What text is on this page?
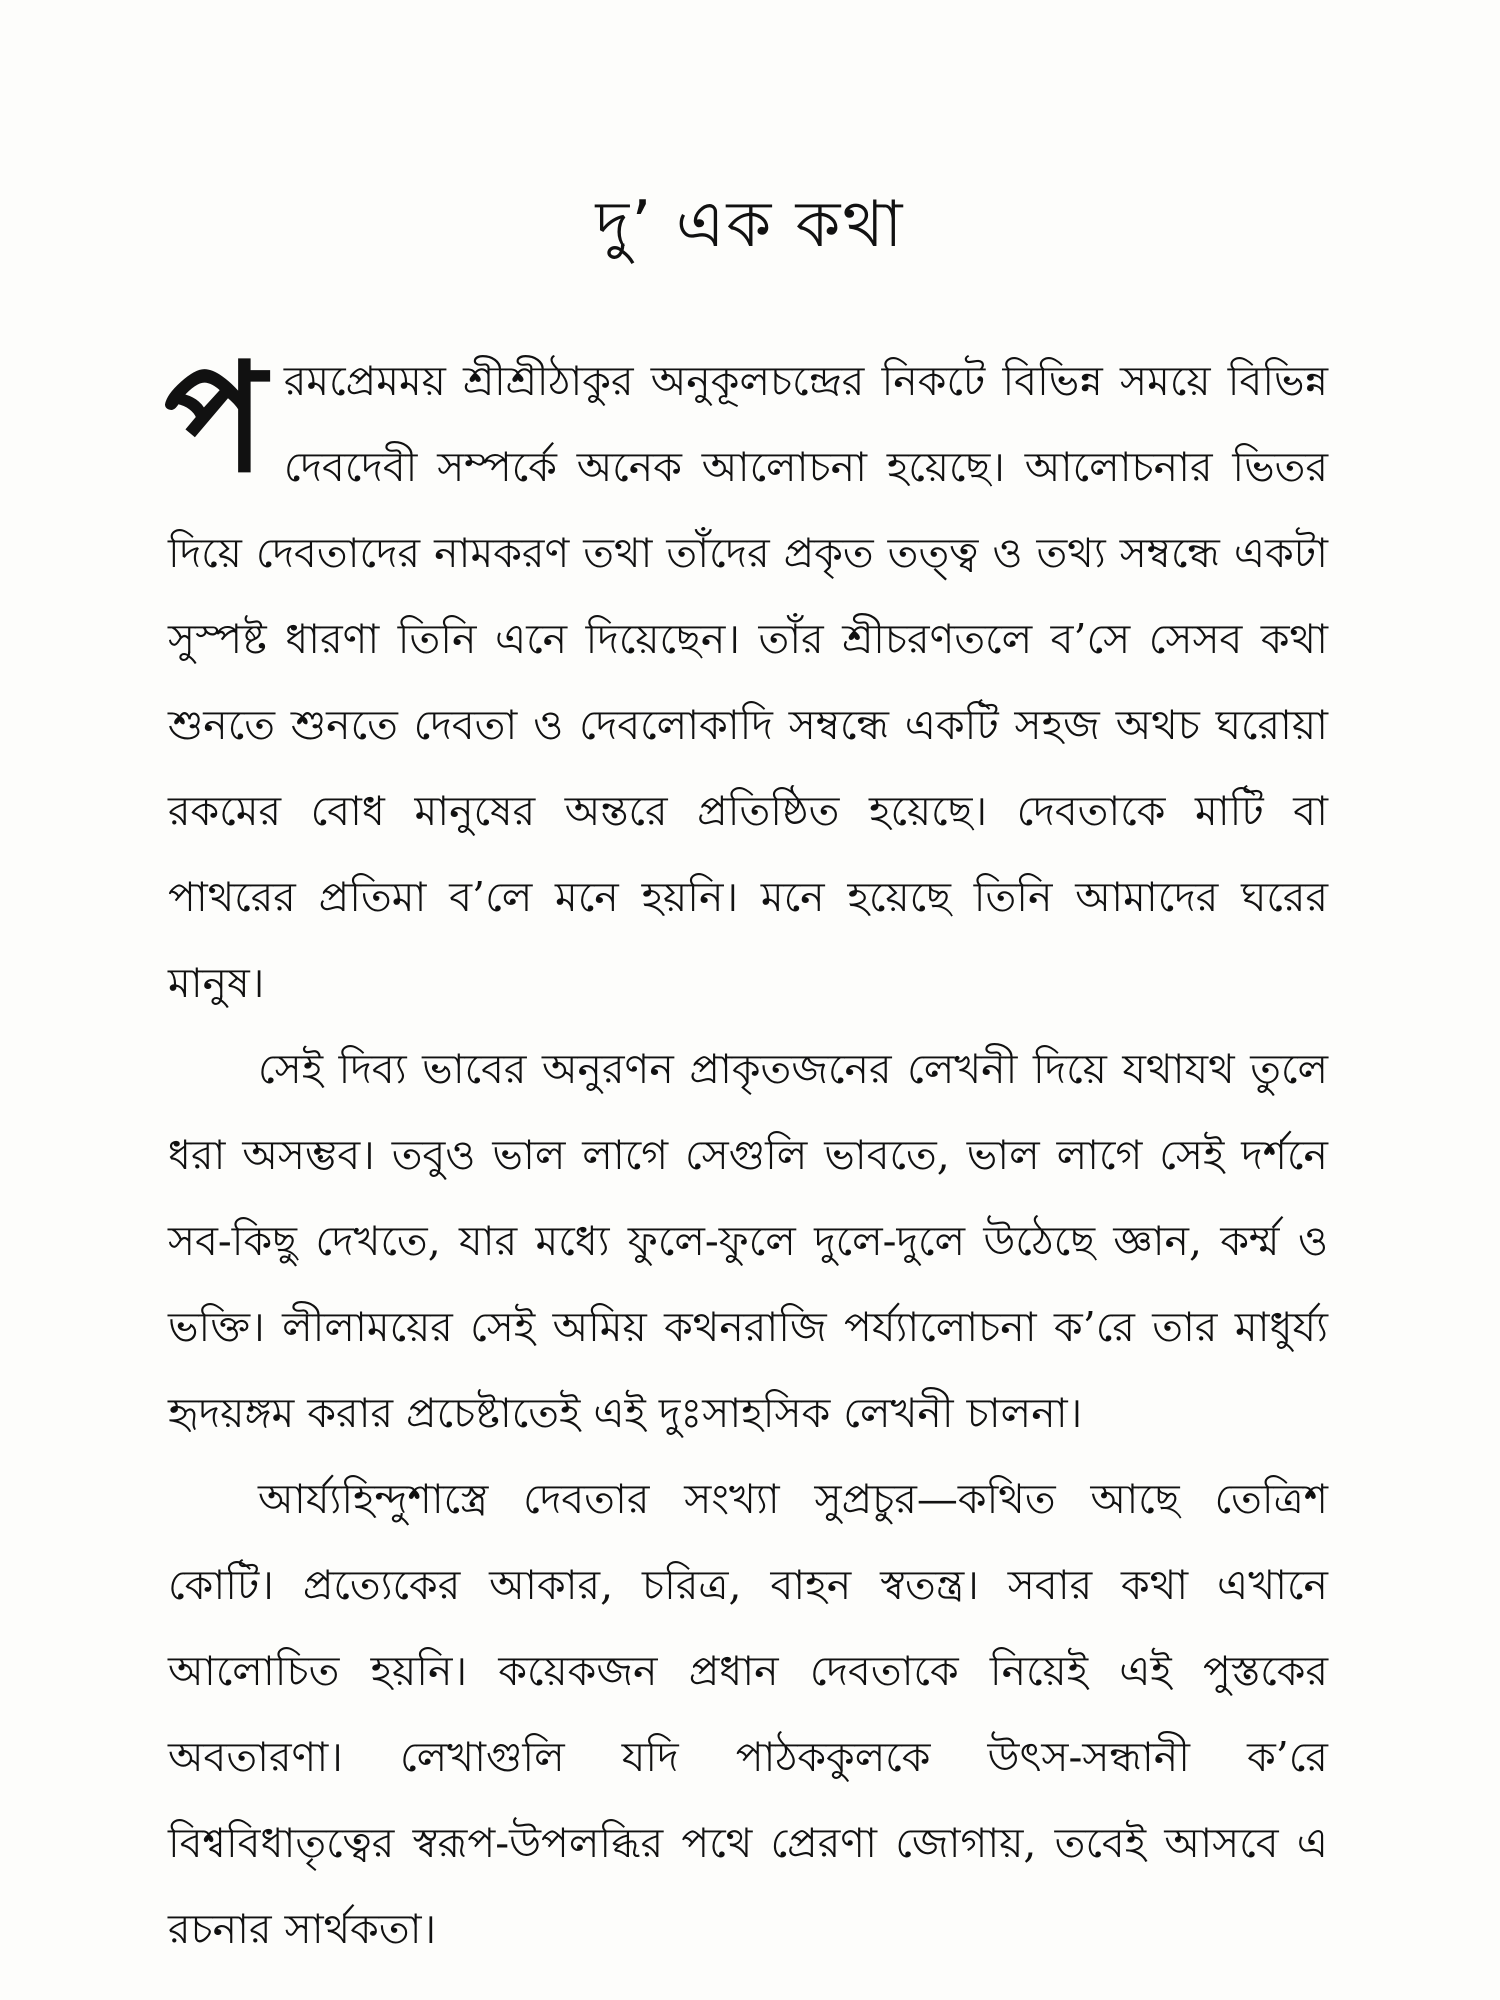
দু’ এক কথা

প রমপ্রেমময় শ্রীশ্রীঠাকুর অনুকূলচন্দ্রের নিকটে বিভিন্ন সময়ে বিভিন্ন দেবদেবী সম্পর্কে অনেক আলোচনা হয়েছে। আলোচনার ভিতর দিয়ে দেবতাদের নামকরণ তথা তাঁদের প্রকৃত তত্ত্ব ও তথ্য সম্বন্ধে একটা সুস্পষ্ট ধারণা তিনি এনে দিয়েছেন। তাঁর শ্রীচরণতলে ব’সে সেসব কথা শুনতে শুনতে দেবতা ও দেবলোকাদি সম্বন্ধে একটি সহজ অথচ ঘরোয়া রকমের বোধ মানুষের অন্তরে প্রতিষ্ঠিত হয়েছে। দেবতাকে মাটি বা পাথরের প্রতিমা ব’লে মনে হয়নি। মনে হয়েছে তিনি আমাদের ঘরের মানুষ।

সেই দিব্য ভাবের অনুরণন প্রাকৃতজনের লেখনী দিয়ে যথাযথ তুলে ধরা অসম্ভব। তবুও ভাল লাগে সেগুলি ভাবতে, ভাল লাগে সেই দর্শনে সব-কিছু দেখতে, যার মধ্যে ফুলে-ফুলে দুলে-দুলে উঠেছে জ্ঞান, কর্ম্ম ও ভক্তি। লীলাময়ের সেই অমিয় কথনরাজি পর্য্যালোচনা ক’রে তার মাধুর্য্য হৃদয়ঙ্গম করার প্রচেষ্টাতেই এই দুঃসাহসিক লেখনী চালনা।

আর্য্যহিন্দুশাস্ত্রে দেবতার সংখ্যা সুপ্রচুর—কথিত আছে তেত্রিশ কোটি। প্রত্যেকের আকার, চরিত্র, বাহন স্বতন্ত্র। সবার কথা এখানে আলোচিত হয়নি। কয়েকজন প্রধান দেবতাকে নিয়েই এই পুস্তকের অবতারণা। লেখাগুলি যদি পাঠককুলকে উৎস-সন্ধানী ক’রে বিশ্ববিধাতৃত্বের স্বরূপ-উপলব্ধির পথে প্রেরণা জোগায়, তবেই আসবে এ রচনার সার্থকতা।
